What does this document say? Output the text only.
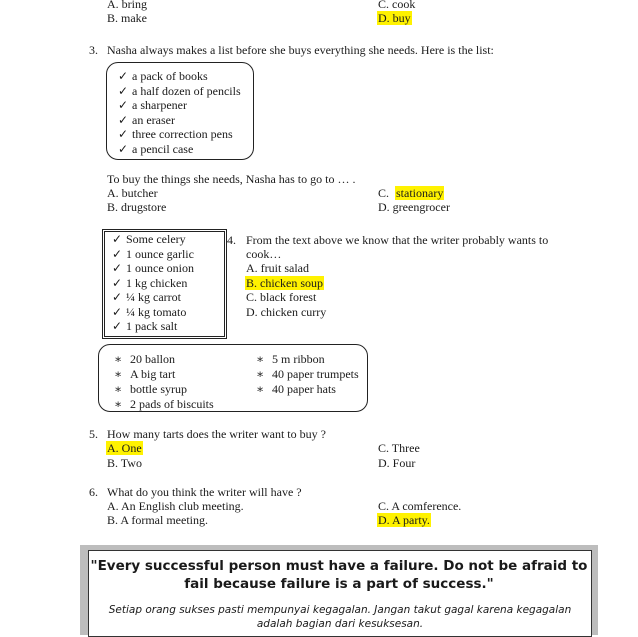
A. bring
B. make
C. cook
D. buy
3. Nasha always makes a list before she buys everything she needs. Here is the list:
✓ a pack of books
✓ a half dozen of pencils
✓ a sharpener
✓ an eraser
✓ three correction pens
✓ a pencil case
To buy the things she needs, Nasha has to go to … .
A. butcher
B. drugstore
C. stationary
D. greengrocer
✓ Some celery
✓ 1 ounce garlic
✓ 1 ounce onion
✓ 1 kg chicken
✓ ¼ kg carrot
✓ ¼ kg tomato
✓ 1 pack salt
4. From the text above we know that the writer probably wants to
cook…
A. fruit salad
B. chicken soup
C. black forest
D. chicken curry
∗ 20 ballon
∗ A big tart
∗ bottle syrup
∗ 2 pads of biscuits
∗ 5 m ribbon
∗ 40 paper trumpets
∗ 40 paper hats
5. How many tarts does the writer want to buy ?
A. One
B. Two
C. Three
D. Four
6. What do you think the writer will have ?
A. An English club meeting.
B. A formal meeting.
C. A comference.
D. A party.
"Every successful person must have a failure. Do not be afraid to fail because failure is a part of success."
Setiap orang sukses pasti mempunyai kegagalan. Jangan takut gagal karena kegagalan adalah bagian dari kesuksesan.
